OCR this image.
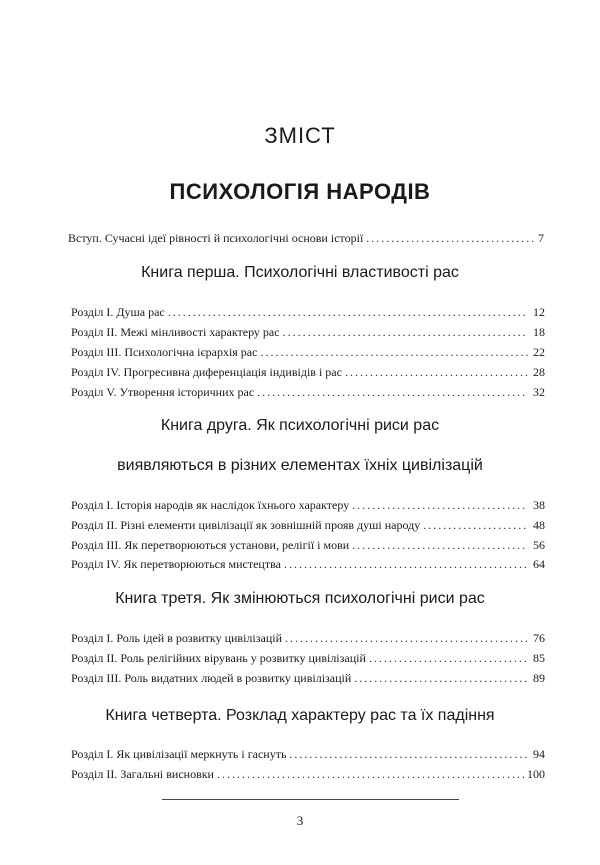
ЗМІСТ
ПСИХОЛОГІЯ НАРОДІВ
Вступ. Сучасні ідеї рівності й психологічні основи історії .....	7
Книга перша. Психологічні властивості рас
Розділ I. Душа рас .....	12
Розділ II. Межі мінливості характеру рас .....	18
Розділ III. Психологічна ієрархія рас .....	22
Розділ IV. Прогресивна диференціація індивідів і рас .....	28
Розділ V. Утворення історичних рас .....	32
Книга друга. Як психологічні риси рас
виявляються в різних елементах їхніх цивілізацій
Розділ I. Історія народів як наслідок їхнього характеру .....	38
Розділ II. Різні елементи цивілізації як зовнішній прояв душі народу .....	48
Розділ III. Як перетворюються установи, релігії і мови .....	56
Розділ IV. Як перетворюються мистецтва .....	64
Книга третя. Як змінюються психологічні риси рас
Розділ I. Роль ідей в розвитку цивілізацій .....	76
Розділ II. Роль релігійних вірувань у розвитку цивілізацій .....	85
Розділ III. Роль видатних людей в розвитку цивілізацій .....	89
Книга четверта. Розклад характеру рас та їх падіння
Розділ I. Як цивілізації меркнуть і гаснуть .....	94
Розділ II. Загальні висновки .....	100
3
